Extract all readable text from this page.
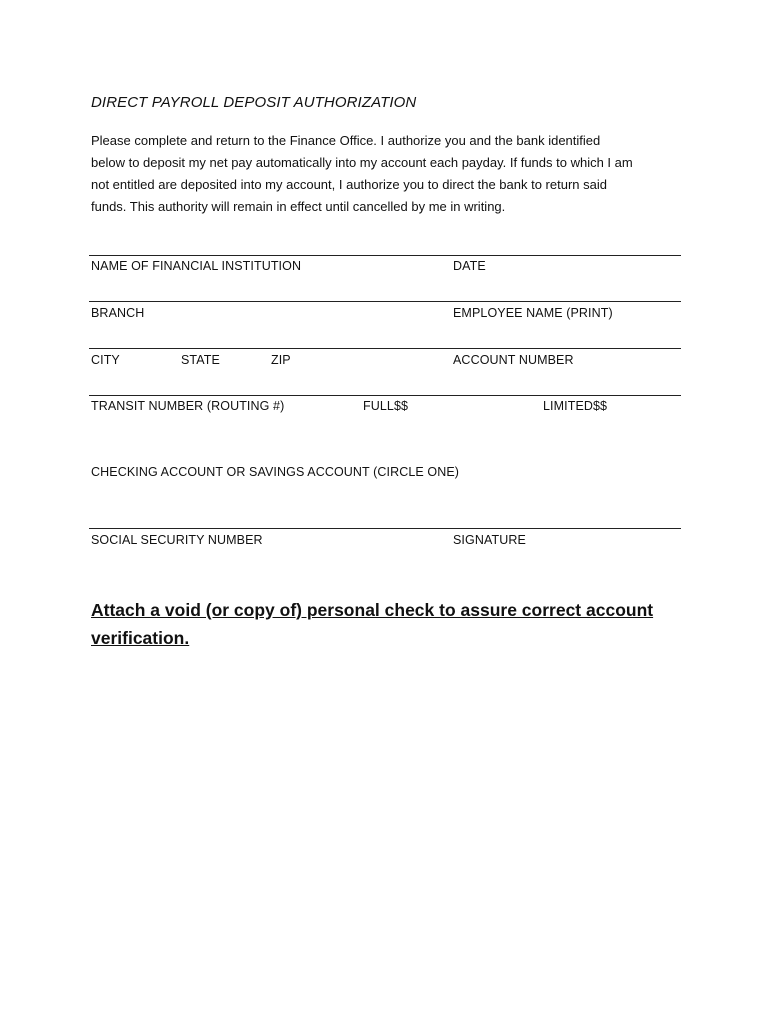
DIRECT PAYROLL DEPOSIT AUTHORIZATION
Please complete and return to the Finance Office. I authorize you and the bank identified
below to deposit my net pay automatically into my account each payday. If funds to which I am
not entitled are deposited into my account, I authorize you to direct the bank to return said
funds. This authority will remain in effect until cancelled by me in writing.
NAME OF FINANCIAL INSTITUTION	DATE
BRANCH	EMPLOYEE NAME (PRINT)
CITY	STATE	ZIP	ACCOUNT NUMBER
TRANSIT NUMBER (ROUTING #)	FULL$$	LIMITED$$
CHECKING ACCOUNT OR SAVINGS ACCOUNT (CIRCLE ONE)
SOCIAL SECURITY NUMBER	SIGNATURE
Attach a void (or copy of) personal check to assure correct account
verification.
